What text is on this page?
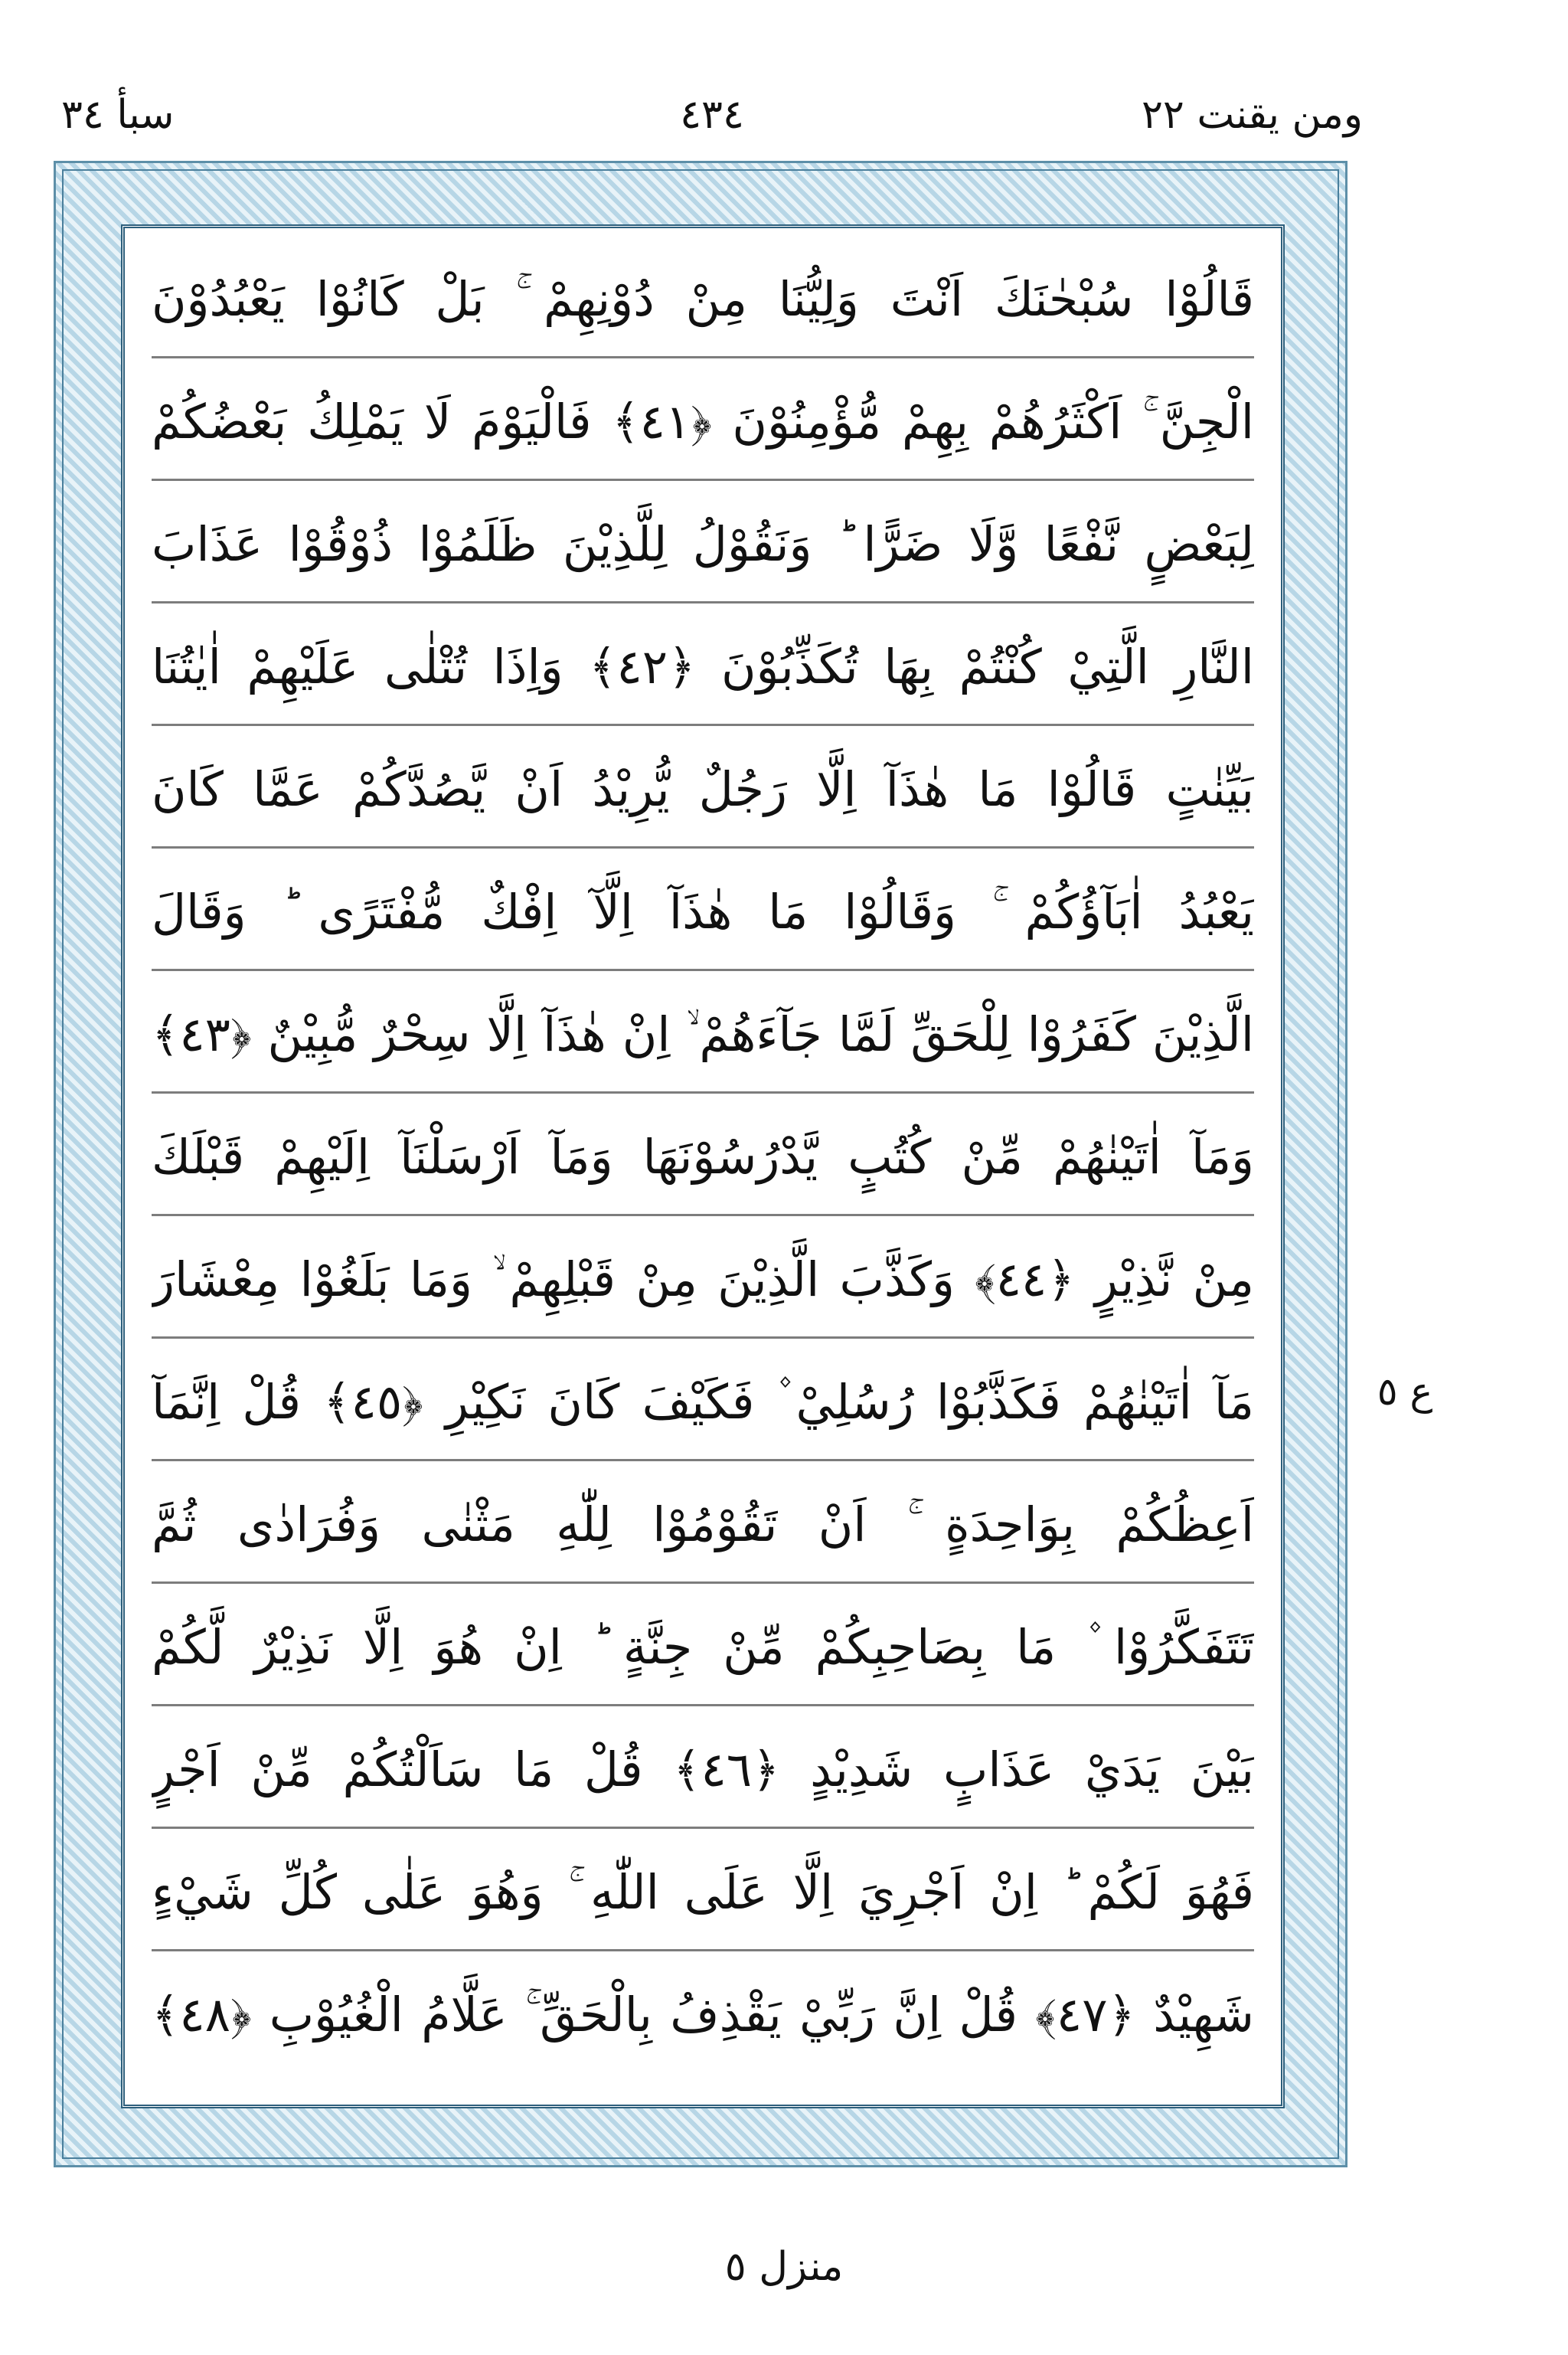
سبأ ٣٤	٤٣٤	ومن يقنت ٢٢
قَالُوْا سُبْحٰنَكَ اَنْتَ وَلِيُّنَا مِنْ دُوْنِهِمْ ۚ بَلْ كَانُوْا يَعْبُدُوْنَ
الْجِنَّ ۚ اَكْثَرُهُمْ بِهِمْ مُّؤْمِنُوْنَ ﴿٤١﴾ فَالْيَوْمَ لَا يَمْلِكُ بَعْضُكُمْ
لِبَعْضٍ نَّفْعًا وَّلَا ضَرًّا ؕ وَنَقُوْلُ لِلَّذِيْنَ ظَلَمُوْا ذُوْقُوْا عَذَابَ
النَّارِ الَّتِيْ كُنْتُمْ بِهَا تُكَذِّبُوْنَ ﴿٤٢﴾ وَاِذَا تُتْلٰى عَلَيْهِمْ اٰيٰتُنَا
بَيِّنٰتٍ قَالُوْا مَا هٰذَآ اِلَّا رَجُلٌ يُّرِيْدُ اَنْ يَّصُدَّكُمْ عَمَّا كَانَ
يَعْبُدُ اٰبَآؤُكُمْ ۚ وَقَالُوْا مَا هٰذَآ اِلَّآ اِفْكٌ مُّفْتَرًى ؕ وَقَالَ
الَّذِيْنَ كَفَرُوْا لِلْحَقِّ لَمَّا جَآءَهُمْ ۙ اِنْ هٰذَآ اِلَّا سِحْرٌ مُّبِيْنٌ ﴿٤٣﴾
وَمَآ اٰتَيْنٰهُمْ مِّنْ كُتُبٍ يَّدْرُسُوْنَهَا وَمَآ اَرْسَلْنَآ اِلَيْهِمْ قَبْلَكَ
مِنْ نَّذِيْرٍ ﴿٤٤﴾ وَكَذَّبَ الَّذِيْنَ مِنْ قَبْلِهِمْ ۙ وَمَا بَلَغُوْا مِعْشَارَ
مَآ اٰتَيْنٰهُمْ فَكَذَّبُوْا رُسُلِيْ ۫ فَكَيْفَ كَانَ نَكِيْرِ ﴿٤٥﴾ قُلْ اِنَّمَآ
اَعِظُكُمْ بِوَاحِدَةٍ ۚ اَنْ تَقُوْمُوْا لِلّٰهِ مَثْنٰى وَفُرَادٰى ثُمَّ
تَتَفَكَّرُوْا ۫ مَا بِصَاحِبِكُمْ مِّنْ جِنَّةٍ ؕ اِنْ هُوَ اِلَّا نَذِيْرٌ لَّكُمْ
بَيْنَ يَدَيْ عَذَابٍ شَدِيْدٍ ﴿٤٦﴾ قُلْ مَا سَاَلْتُكُمْ مِّنْ اَجْرٍ
فَهُوَ لَكُمْ ؕ اِنْ اَجْرِيَ اِلَّا عَلَى اللّٰهِ ۚ وَهُوَ عَلٰى كُلِّ شَيْءٍ
شَهِيْدٌ ﴿٤٧﴾ قُلْ اِنَّ رَبِّيْ يَقْذِفُ بِالْحَقِّ ۚ عَلَّامُ الْغُيُوْبِ ﴿٤٨﴾
ع ٥
منزل ٥
